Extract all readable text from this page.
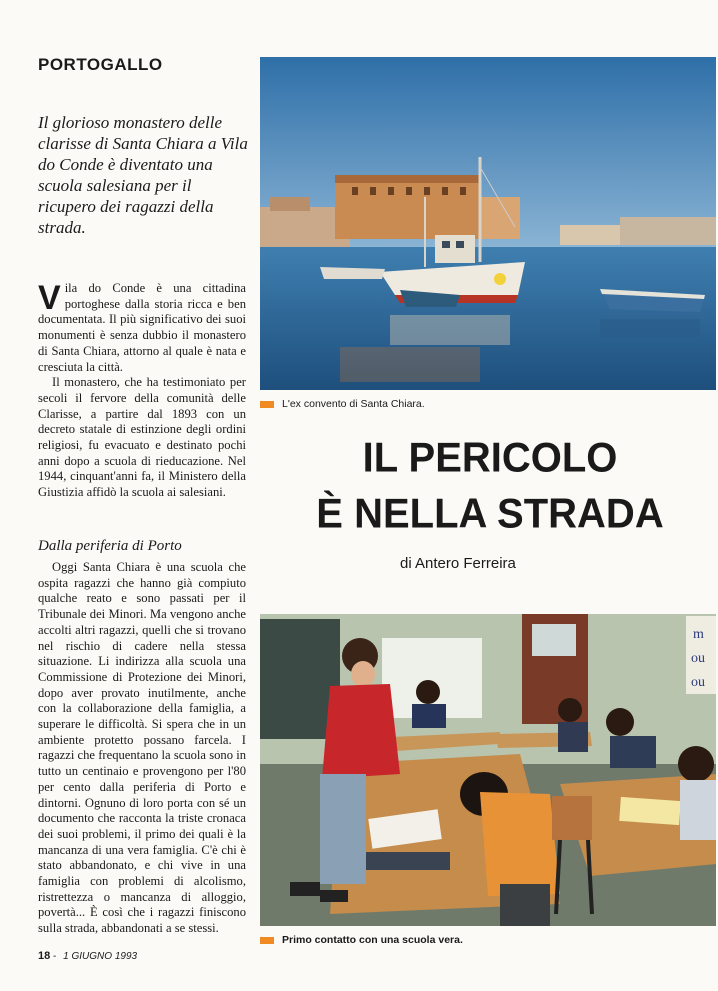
PORTOGALLO
Il glorioso monastero delle clarisse di Santa Chiara a Vila do Conde è diventato una scuola salesiana per il ricupero dei ragazzi della strada.
V ila do Conde è una cittadina portoghese dalla storia ricca e ben documentata. Il più significativo dei suoi monumenti è senza dubbio il monastero di Santa Chiara, attorno al quale è nata e cresciuta la città.
Il monastero, che ha testimoniato per secoli il fervore della comunità delle Clarisse, a partire dal 1893 con un decreto statale di estinzione degli ordini religiosi, fu evacuato e destinato pochi anni dopo a scuola di rieducazione. Nel 1944, cinquant'anni fa, il Ministero della Giustizia affidò la scuola ai salesiani.
Dalla periferia di Porto
Oggi Santa Chiara è una scuola che ospita ragazzi che hanno già compiuto qualche reato e sono passati per il Tribunale dei Minori. Ma vengono anche accolti altri ragazzi, quelli che si trovano nel rischio di cadere nella stessa situazione. Li indirizza alla scuola una Commissione di Protezione dei Minori, dopo aver provato inutilmente, anche con la collaborazione della famiglia, a superare le difficoltà. Si spera che in un ambiente protetto possano farcela. I ragazzi che frequentano la scuola sono in tutto un centinaio e provengono per l'80 per cento dalla periferia di Porto e dintorni. Ognuno di loro porta con sé un documento che racconta la triste cronaca dei suoi problemi, il primo dei quali è la mancanza di una vera famiglia. C'è chi è stato abbandonato, e chi vive in una famiglia con problemi di alcolismo, ristrettezza o mancanza di alloggio, povertà... È così che i ragazzi finiscono sulla strada, abbandonati a se stessi.
L'ex convento di Santa Chiara.
IL PERICOLO
È NELLA STRADA
di Antero Ferreira
m
ou
ou
Primo contatto con una scuola vera.
18 - 1 GIUGNO 1993
